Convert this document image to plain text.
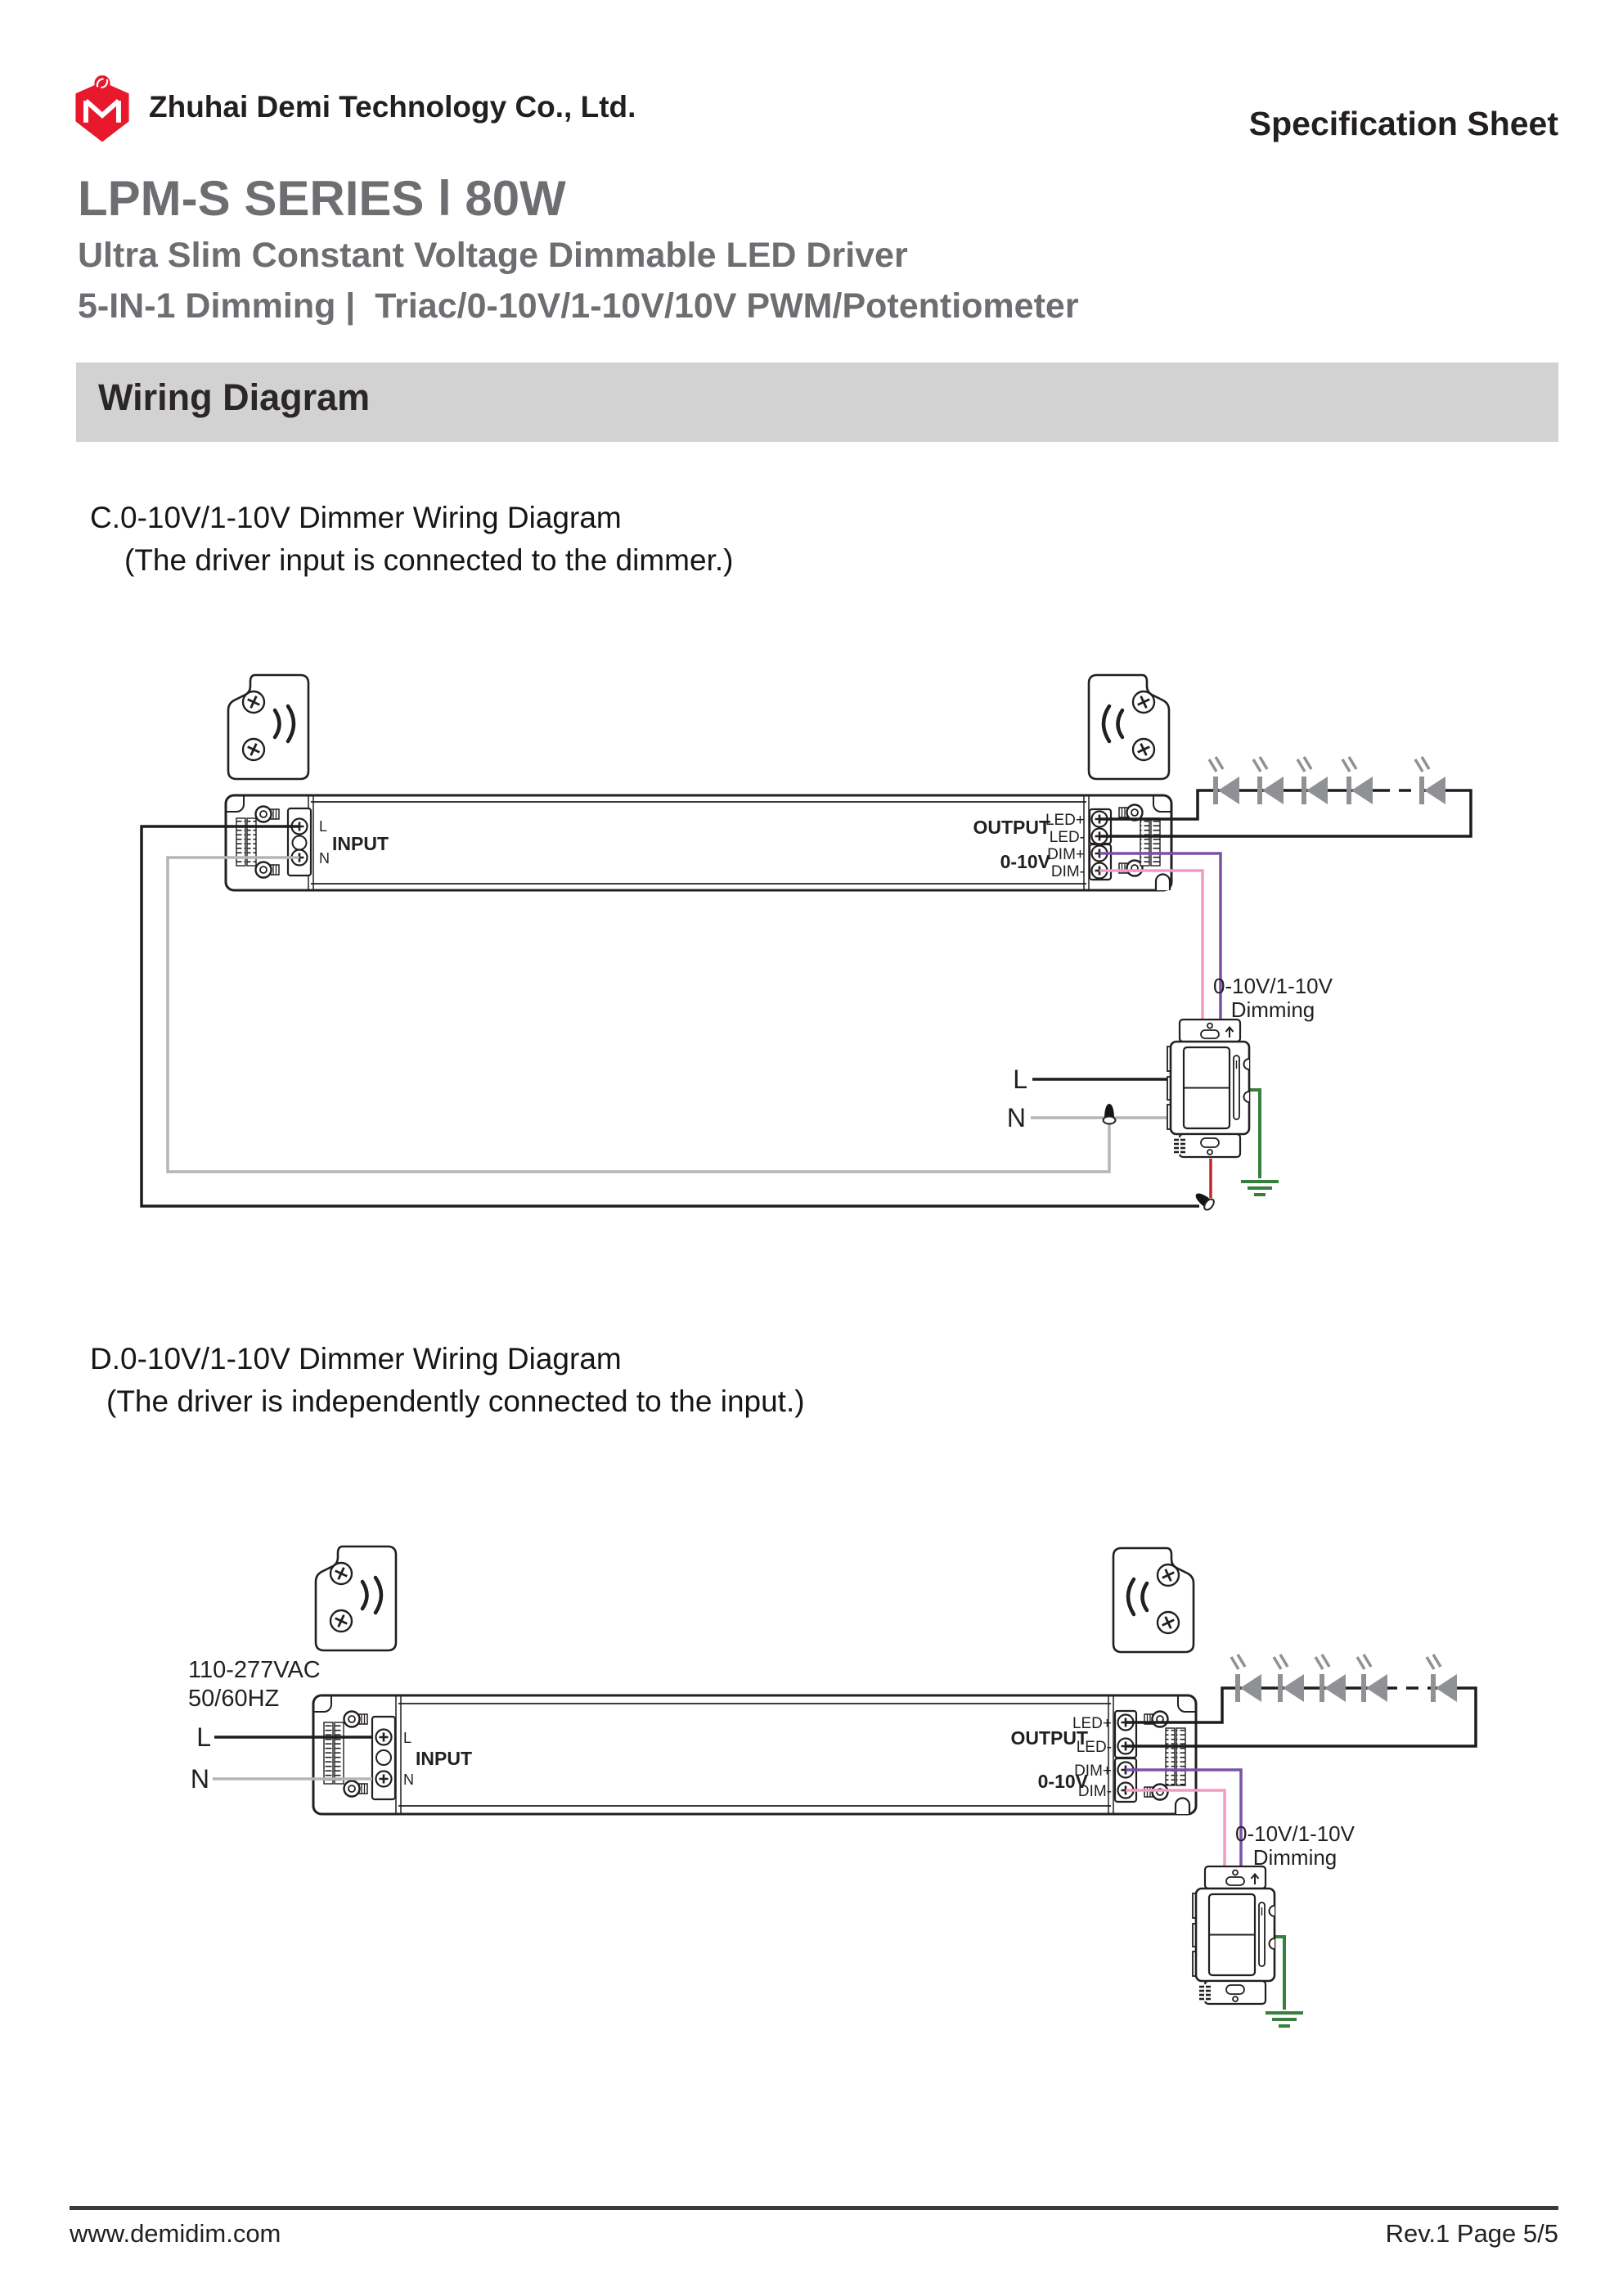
Zhuhai Demi Technology Co., Ltd.	Specification Sheet
LPM-S SERIES l 80W
Ultra Slim Constant Voltage Dimmable LED Driver
5-IN-1 Dimming |  Triac/0-10V/1-10V/10V PWM/Potentiometer
Wiring Diagram
C.0-10V/1-10V Dimmer Wiring Diagram
(The driver input is connected to the dimmer.)
D.0-10V/1-10V Dimmer Wiring Diagram
(The driver is independently connected to the input.)
L
INPUT
N
LED+
LED-
DIM+
DIM-
OUTPUT
0-10V
L
N
0-10V/1-10V
Dimming
L
INPUT
N
LED+
LED-
DIM+
DIM-
OUTPUT
0-10V
110-277VAC
50/60HZ
L
N
0-10V/1-10V
Dimming
www.demidim.com	Rev.1 Page 5/5
